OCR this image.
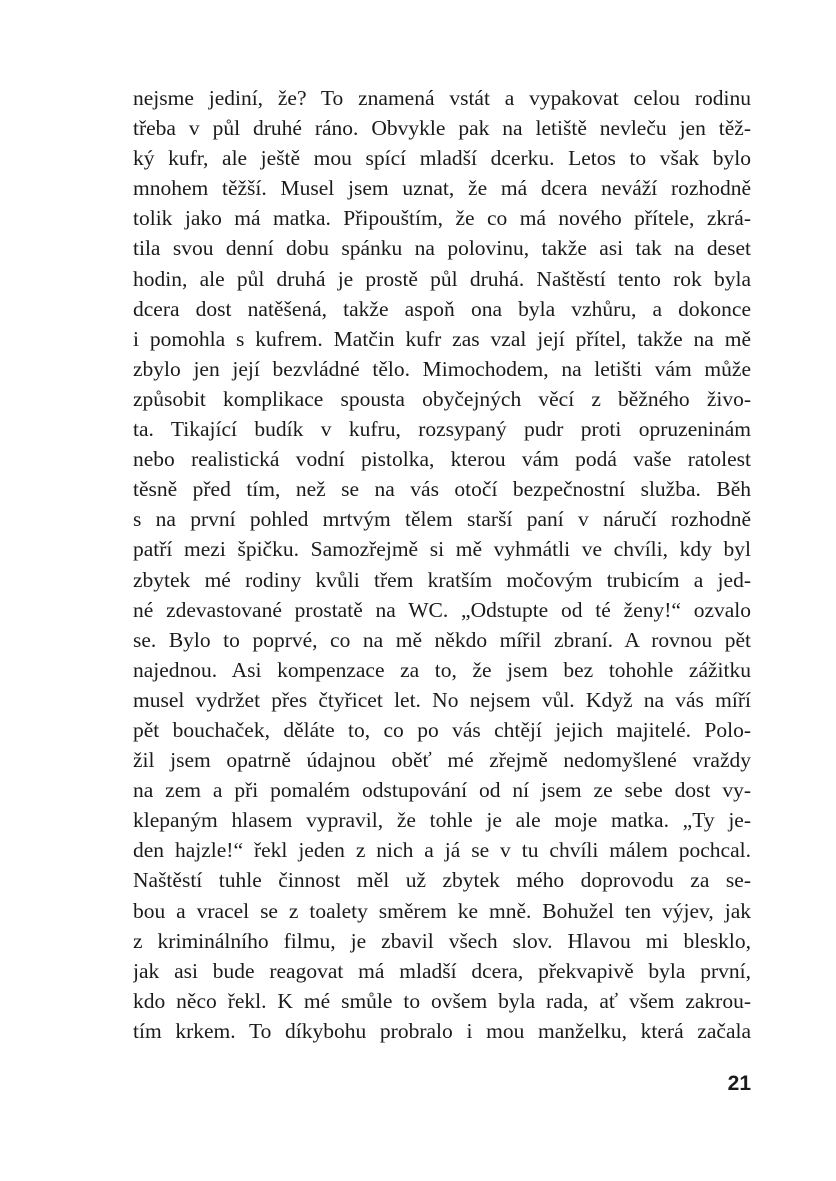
nejsme jediní, že? To znamená vstát a vypakovat celou rodinu
třeba v půl druhé ráno. Obvykle pak na letiště nevleču jen těž-
ký kufr, ale ještě mou spící mladší dcerku. Letos to však bylo
mnohem těžší. Musel jsem uznat, že má dcera neváží rozhodně
tolik jako má matka. Připouštím, že co má nového přítele, zkrá-
tila svou denní dobu spánku na polovinu, takže asi tak na deset
hodin, ale půl druhá je prostě půl druhá. Naštěstí tento rok byla
dcera dost natěšená, takže aspoň ona byla vzhůru, a dokonce
i pomohla s kufrem. Matčin kufr zas vzal její přítel, takže na mě
zbylo jen její bezvládné tělo. Mimochodem, na letišti vám může
způsobit komplikace spousta obyčejných věcí z běžného živo-
ta. Tikající budík v kufru, rozsypaný pudr proti opruzeninám
nebo realistická vodní pistolka, kterou vám podá vaše ratolest
těsně před tím, než se na vás otočí bezpečnostní služba. Běh
s na první pohled mrtvým tělem starší paní v náručí rozhodně
patří mezi špičku. Samozřejmě si mě vyhmátli ve chvíli, kdy byl
zbytek mé rodiny kvůli třem kratším močovým trubicím a jed-
né zdevastované prostatě na WC. „Odstupte od té ženy!“ ozvalo
se. Bylo to poprvé, co na mě někdo mířil zbraní. A rovnou pět
najednou. Asi kompenzace za to, že jsem bez tohohle zážitku
musel vydržet přes čtyřicet let. No nejsem vůl. Když na vás míří
pět bouchaček, děláte to, co po vás chtějí jejich majitelé. Polo-
žil jsem opatrně údajnou oběť mé zřejmě nedomyšlené vraždy
na zem a při pomalém odstupování od ní jsem ze sebe dost vy-
klepaným hlasem vypravil, že tohle je ale moje matka. „Ty je-
den hajzle!“ řekl jeden z nich a já se v tu chvíli málem pochcal.
Naštěstí tuhle činnost měl už zbytek mého doprovodu za se-
bou a vracel se z toalety směrem ke mně. Bohužel ten výjev, jak
z kriminálního filmu, je zbavil všech slov. Hlavou mi blesklo,
jak asi bude reagovat má mladší dcera, překvapivě byla první,
kdo něco řekl. K mé smůle to ovšem byla rada, ať všem zakrou-
tím krkem. To díkybohu probralo i mou manželku, která začala
21
